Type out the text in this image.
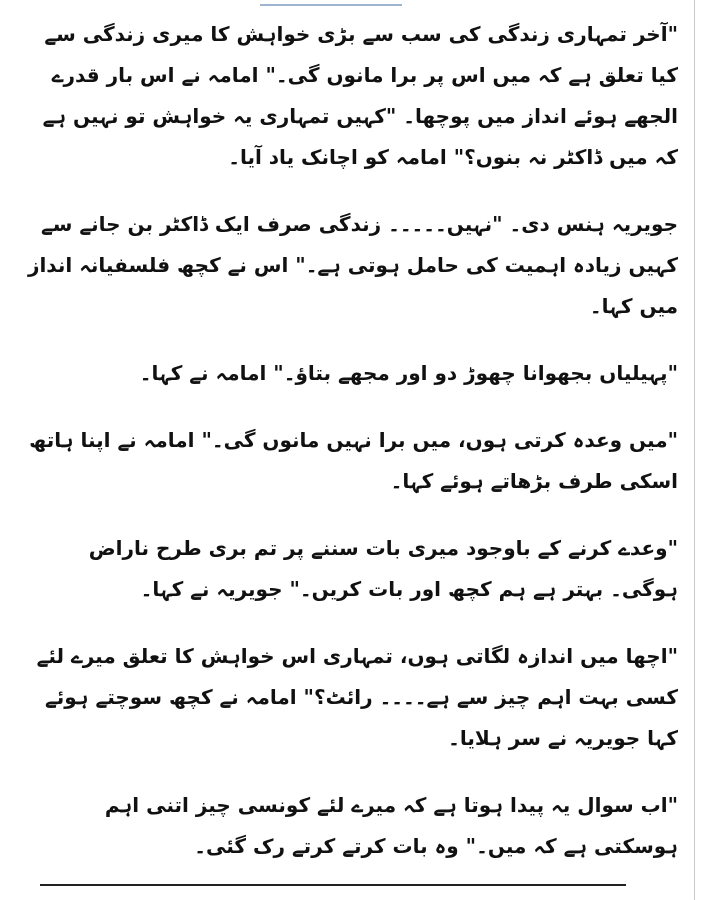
"آخر تمہاری زندگی کی سب سے بڑی خواہش کا میری زندگی سے کیا تعلق ہے کہ میں اس پر برا مانوں گی۔" امامہ نے اس بار قدرے الجھے ہوئے انداز میں پوچھا۔ "کہیں تمہاری یہ خواہش تو نہیں ہے کہ میں ڈاکٹر نہ بنوں؟" امامہ کو اچانک یاد آیا۔

جویریہ ہنس دی۔ "نہیں۔۔۔۔۔ زندگی صرف ایک ڈاکٹر بن جانے سے کہیں زیادہ اہمیت کی حامل ہوتی ہے۔" اس نے کچھ فلسفیانہ انداز میں کہا۔

"پہیلیاں بجھوانا چھوڑ دو اور مجھے بتاؤ۔" امامہ نے کہا۔

"میں وعدہ کرتی ہوں، میں برا نہیں مانوں گی۔" امامہ نے اپنا ہاتھ اسکی طرف بڑھاتے ہوئے کہا۔

"وعدے کرنے کے باوجود میری بات سننے پر تم بری طرح ناراض ہوگی۔ بہتر ہے ہم کچھ اور بات کریں۔" جویریہ نے کہا۔

"اچھا میں اندازہ لگاتی ہوں، تمہاری اس خواہش کا تعلق میرے لئے کسی بہت اہم چیز سے ہے۔۔۔۔ رائٹ؟" امامہ نے کچھ سوچتے ہوئے کہا جویریہ نے سر ہلایا۔

"اب سوال یہ پیدا ہوتا ہے کہ میرے لئے کونسی چیز اتنی اہم ہوسکتی ہے کہ میں۔" وہ بات کرتے کرتے رک گئی۔
